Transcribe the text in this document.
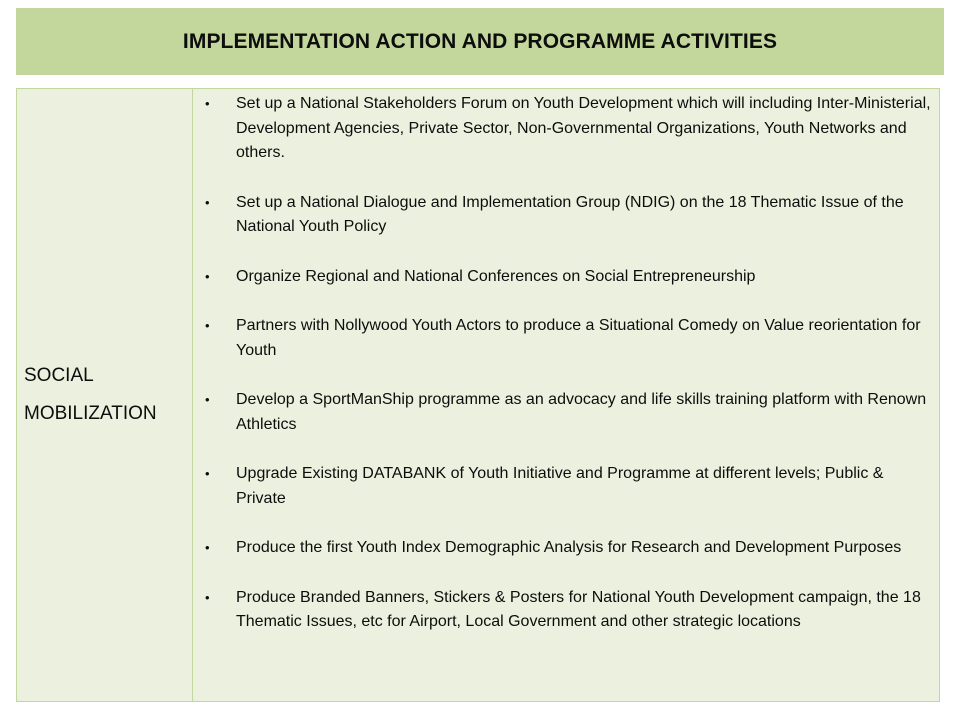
IMPLEMENTATION ACTION AND PROGRAMME ACTIVITIES
SOCIAL
MOBILIZATION
• Set up a National Stakeholders Forum on Youth Development which will including Inter-Ministerial, Development Agencies, Private Sector, Non-Governmental Organizations, Youth Networks and others.
• Set up a National Dialogue and Implementation Group (NDIG) on the 18 Thematic Issue of the National Youth Policy
• Organize Regional and National Conferences on Social Entrepreneurship
• Partners with Nollywood Youth Actors to produce a Situational Comedy on Value reorientation for Youth
• Develop a SportManShip programme as an advocacy and life skills training platform with Renown Athletics
• Upgrade Existing DATABANK of Youth Initiative and Programme at different levels; Public & Private
• Produce the first Youth Index Demographic Analysis for Research and Development Purposes
• Produce Branded Banners, Stickers & Posters for National Youth Development campaign, the 18 Thematic Issues, etc for Airport, Local Government and other strategic locations
